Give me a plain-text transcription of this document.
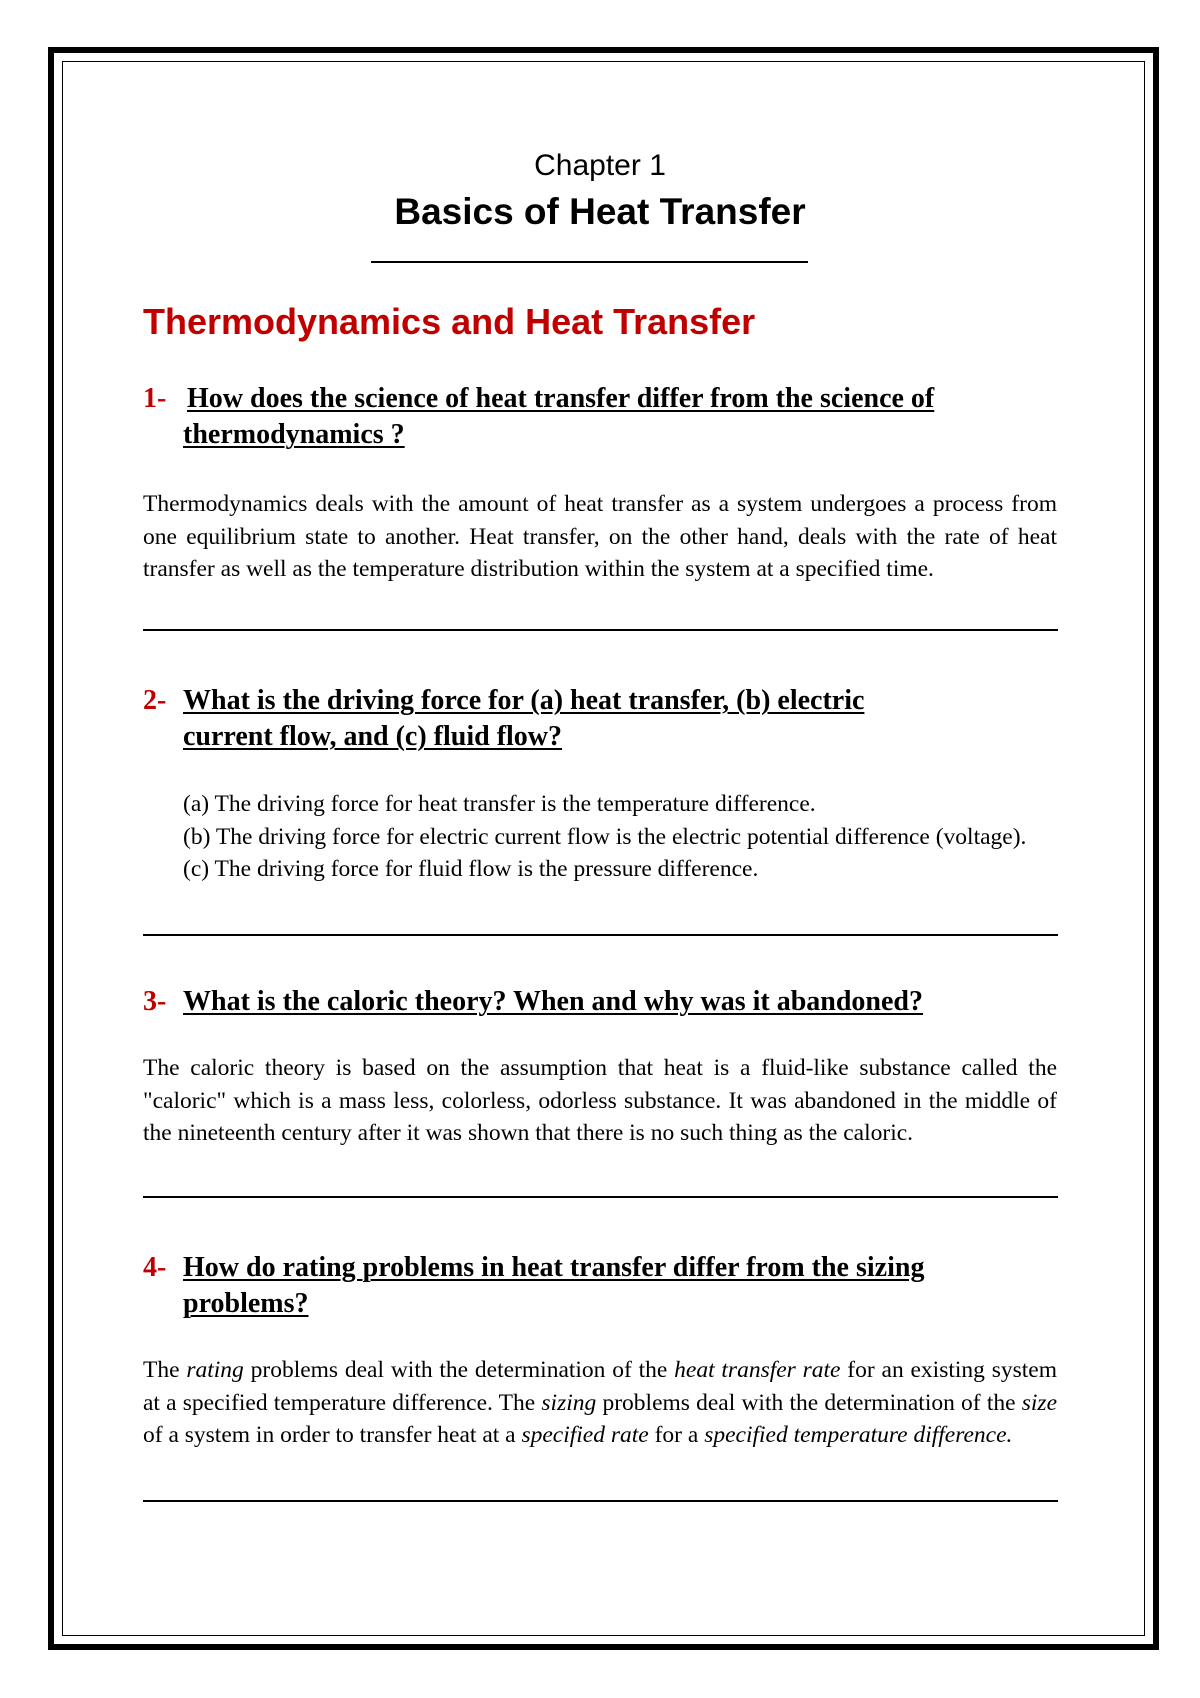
Chapter 1
Basics of Heat Transfer
Thermodynamics and Heat Transfer
1- How does the science of heat transfer differ from the science of
thermodynamics ?

Thermodynamics deals with the amount of heat transfer as a system undergoes a process from one equilibrium state to another. Heat transfer, on the other hand, deals with the rate of heat transfer as well as the temperature distribution within the system at a specified time.

2- What is the driving force for (a) heat transfer, (b) electric
current flow, and (c) fluid flow?

(a) The driving force for heat transfer is the temperature difference.

(b) The driving force for electric current flow is the electric potential difference (voltage).

(c) The driving force for fluid flow is the pressure difference.

3- What is the caloric theory? When and why was it abandoned?

The caloric theory is based on the assumption that heat is a fluid-like substance called the "caloric" which is a mass less, colorless, odorless substance. It was abandoned in the middle of the nineteenth century after it was shown that there is no such thing as the caloric.

4- How do rating problems in heat transfer differ from the sizing
problems?

The rating problems deal with the determination of the heat transfer rate for an existing system at a specified temperature difference. The sizing problems deal with the determination of the size of a system in order to transfer heat at a specified rate for a specified temperature difference.
